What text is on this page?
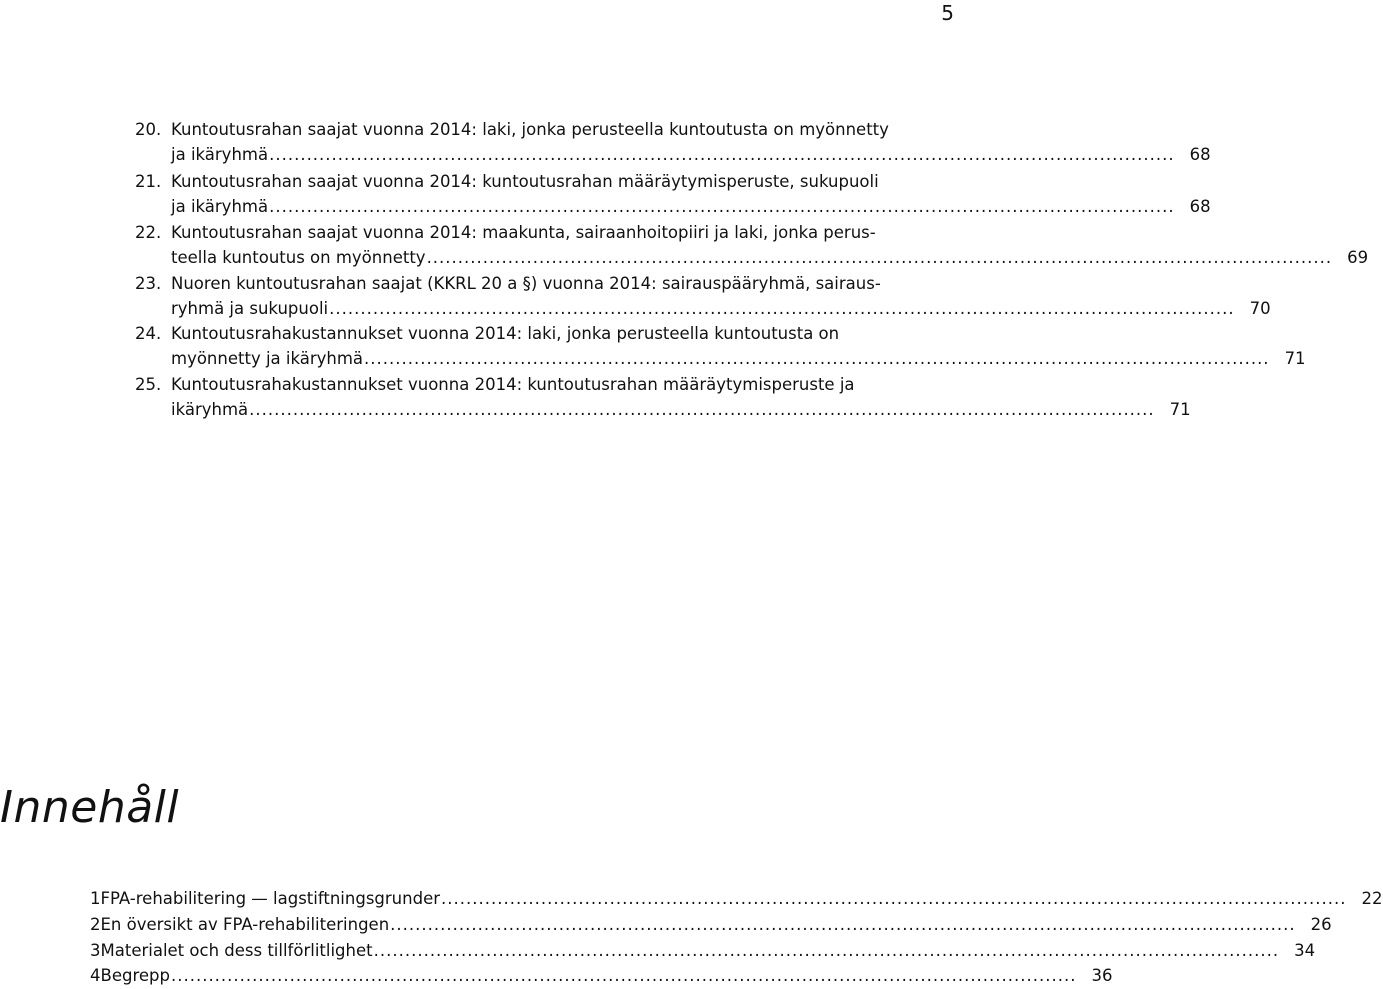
5
20. Kuntoutusrahan saajat vuonna 2014: laki, jonka perusteella kuntoutusta on myönnetty
ja ikäryhmä ................................................................................................................................................. 68
21. Kuntoutusrahan saajat vuonna 2014: kuntoutusrahan määräytymisperuste, sukupuoli
ja ikäryhmä ................................................................................................................................................. 68
22. Kuntoutusrahan saajat vuonna 2014: maakunta, sairaanhoitopiiri ja laki, jonka perus-
teella kuntoutus on myönnetty ................................................................................................................................................. 69
23. Nuoren kuntoutusrahan saajat (KKRL 20 a §) vuonna 2014: sairauspääryhmä, sairaus-
ryhmä ja sukupuoli ................................................................................................................................................. 70
24. Kuntoutusrahakustannukset vuonna 2014: laki, jonka perusteella kuntoutusta on
myönnetty ja ikäryhmä ................................................................................................................................................. 71
25. Kuntoutusrahakustannukset vuonna 2014: kuntoutusrahan määräytymisperuste ja
ikäryhmä ................................................................................................................................................. 71
Innehåll
1 FPA-rehabilitering — lagstiftningsgrunder ................................................................................................................................................. 22
2 En översikt av FPA-rehabiliteringen ................................................................................................................................................. 26
3 Materialet och dess tillförlitlighet ................................................................................................................................................. 34
4 Begrepp ................................................................................................................................................. 36
